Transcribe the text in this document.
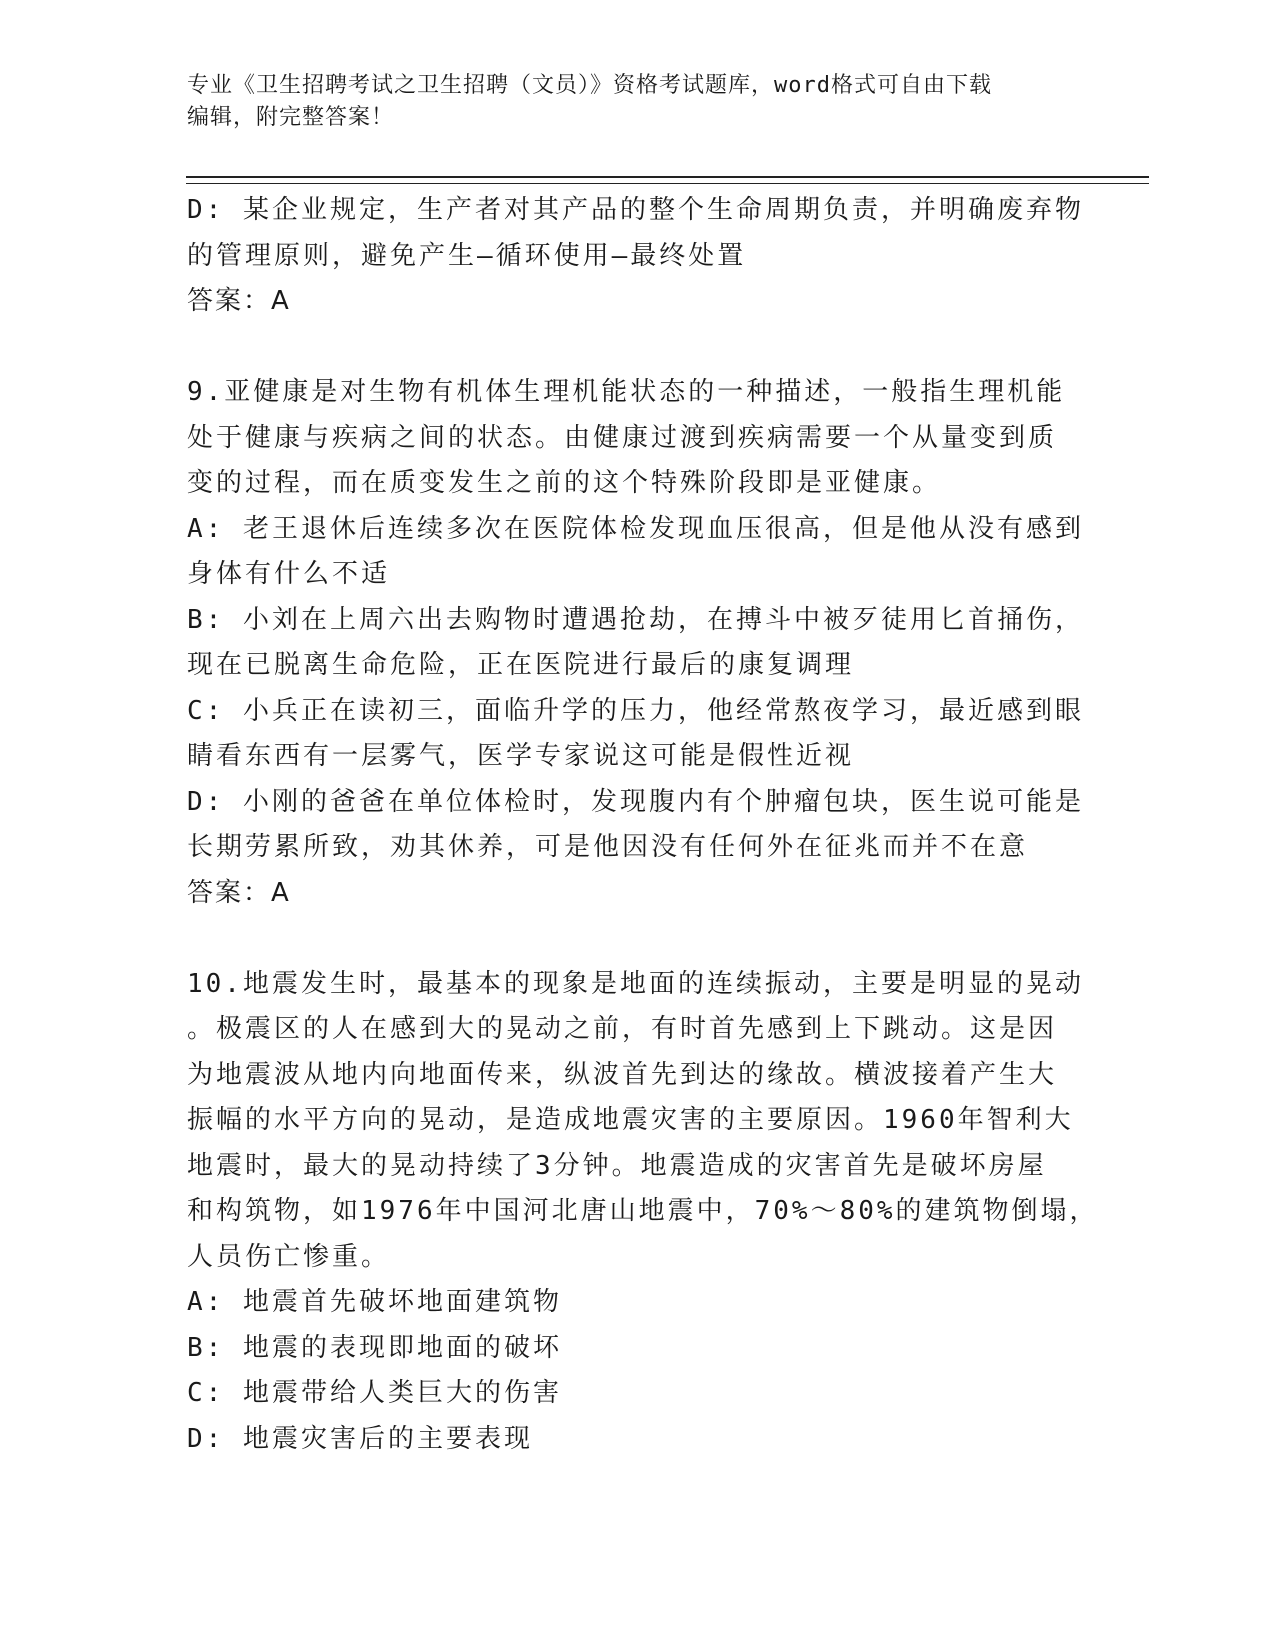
专业《卫生招聘考试之卫生招聘（文员）》资格考试题库，word格式可自由下载
编辑，附完整答案！
D: 某企业规定，生产者对其产品的整个生命周期负责，并明确废弃物
的管理原则，避免产生—循环使用—最终处置
答案：A
9.亚健康是对生物有机体生理机能状态的一种描述，一般指生理机能
处于健康与疾病之间的状态。由健康过渡到疾病需要一个从量变到质
变的过程，而在质变发生之前的这个特殊阶段即是亚健康。
A: 老王退休后连续多次在医院体检发现血压很高，但是他从没有感到
身体有什么不适
B: 小刘在上周六出去购物时遭遇抢劫，在搏斗中被歹徒用匕首捅伤，
现在已脱离生命危险，正在医院进行最后的康复调理
C: 小兵正在读初三，面临升学的压力，他经常熬夜学习，最近感到眼
睛看东西有一层雾气，医学专家说这可能是假性近视
D: 小刚的爸爸在单位体检时，发现腹内有个肿瘤包块，医生说可能是
长期劳累所致，劝其休养，可是他因没有任何外在征兆而并不在意
答案：A
10.地震发生时，最基本的现象是地面的连续振动，主要是明显的晃动
。极震区的人在感到大的晃动之前，有时首先感到上下跳动。这是因
为地震波从地内向地面传来，纵波首先到达的缘故。横波接着产生大
振幅的水平方向的晃动，是造成地震灾害的主要原因。1960年智利大
地震时，最大的晃动持续了3分钟。地震造成的灾害首先是破坏房屋
和构筑物，如1976年中国河北唐山地震中，70%～80%的建筑物倒塌，
人员伤亡惨重。
A: 地震首先破坏地面建筑物
B: 地震的表现即地面的破坏
C: 地震带给人类巨大的伤害
D: 地震灾害后的主要表现
